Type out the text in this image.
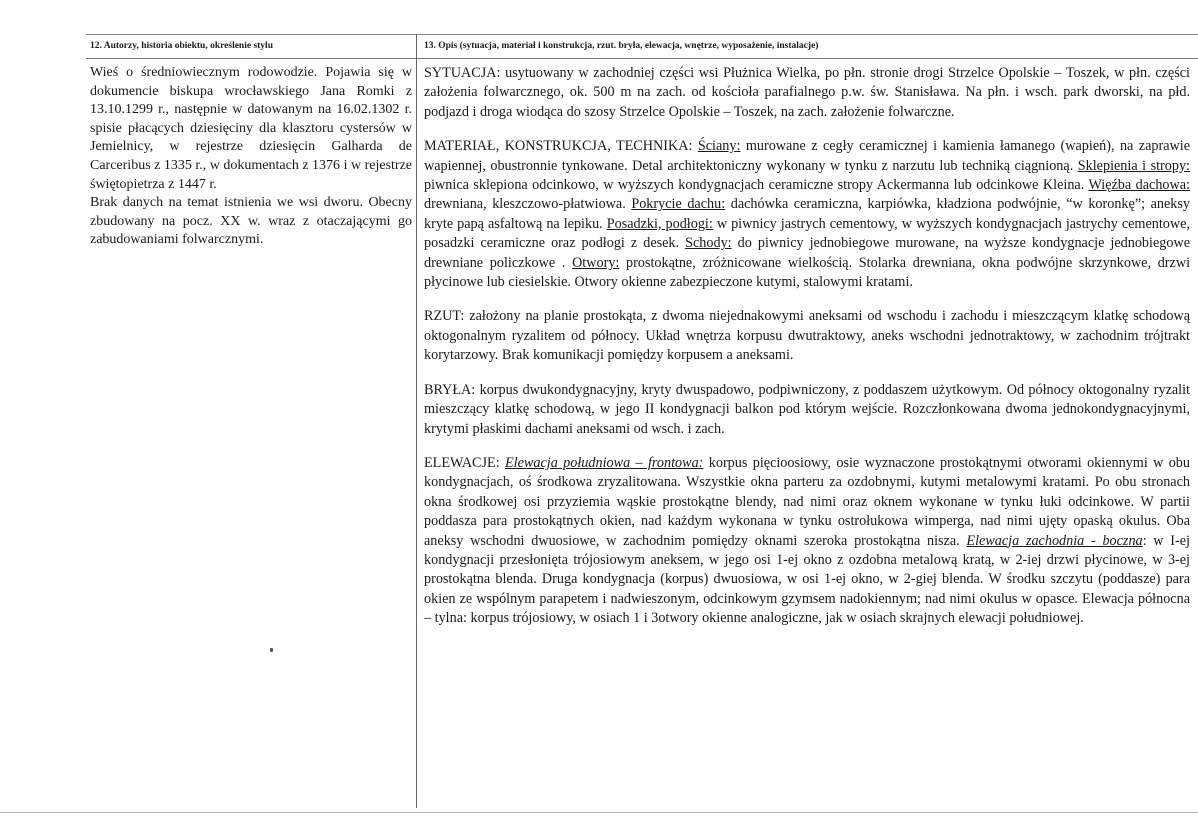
12. Autorzy, historia obiektu, określenie stylu	13. Opis (sytuacja, materiał i konstrukcja, rzut. bryła, elewacja, wnętrze, wyposażenie, instalacje)

Wieś o średniowiecznym rodowodzie. Pojawia się w dokumencie biskupa wrocławskiego Jana Romki z 13.10.1299 r., następnie w datowanym na 16.02.1302 r. spisie płacących dziesięciny dla klasztoru cystersów w Jemielnicy, w rejestrze dziesięcin Galharda de Carceribus z 1335 r., w dokumentach z 1376 i w rejestrze świętopietrza z 1447 r.

Brak danych na temat istnienia we wsi dworu. Obecny zbudowany na pocz. XX w. wraz z otaczającymi go zabudowaniami folwarcznymi.

SYTUACJA: usytuowany w zachodniej części wsi Płużnica Wielka, po płn. stronie drogi Strzelce Opolskie – Toszek, w płn. części założenia folwarcznego, ok. 500 m na zach. od kościoła parafialnego p.w. św. Stanisława. Na płn. i wsch. park dworski, na płd. podjazd i droga wiodąca do szosy Strzelce Opolskie – Toszek, na zach. założenie folwarczne.

MATERIAŁ, KONSTRUKCJA, TECHNIKA: Ściany: murowane z cegły ceramicznej i kamienia łamanego (wapień), na zaprawie wapiennej, obustronnie tynkowane. Detal architektoniczny wykonany w tynku z narzutu lub techniką ciągnioną. Sklepienia i stropy: piwnica sklepiona odcinkowo, w wyższych kondygnacjach ceramiczne stropy Ackermanna lub odcinkowe Kleina. Więźba dachowa: drewniana, kleszczowo-płatwiowa. Pokrycie dachu: dachówka ceramiczna, karpiówka, kładziona podwójnie, “w koronkę”; aneksy kryte papą asfaltową na lepiku. Posadzki, podłogi: w piwnicy jastrych cementowy, w wyższych kondygnacjach jastrychy cementowe, posadzki ceramiczne oraz podłogi z desek. Schody: do piwnicy jednobiegowe murowane, na wyższe kondygnacje jednobiegowe drewniane policzkowe . Otwory: prostokątne, zróżnicowane wielkością. Stolarka drewniana, okna podwójne skrzynkowe, drzwi płycinowe lub ciesielskie. Otwory okienne zabezpieczone kutymi, stalowymi kratami.

RZUT: założony na planie prostokąta, z dwoma niejednakowymi aneksami od wschodu i zachodu i mieszczącym klatkę schodową oktogonalnym ryzalitem od północy. Układ wnętrza korpusu dwutraktowy, aneks wschodni jednotraktowy, w zachodnim trójtrakt korytarzowy. Brak komunikacji pomiędzy korpusem a aneksami.

BRYŁA: korpus dwukondygnacyjny, kryty dwuspadowo, podpiwniczony, z poddaszem użytkowym. Od północy oktogonalny ryzalit mieszczący klatkę schodową, w jego II kondygnacji balkon pod którym wejście. Rozczłonkowana dwoma jednokondygnacyjnymi, krytymi płaskimi dachami aneksami od wsch. i zach.

ELEWACJE: Elewacja południowa – frontowa: korpus pięcioosiowy, osie wyznaczone prostokątnymi otworami okiennymi w obu kondygnacjach, oś środkowa zryzalitowana. Wszystkie okna parteru za ozdobnymi, kutymi metalowymi kratami. Po obu stronach okna środkowej osi przyziemia wąskie prostokątne blendy, nad nimi oraz oknem wykonane w tynku łuki odcinkowe. W partii poddasza para prostokątnych okien, nad każdym wykonana w tynku ostrołukowa wimperga, nad nimi ujęty opaską okulus. Oba aneksy wschodni dwuosiowe, w zachodnim pomiędzy oknami szeroka prostokątna nisza. Elewacja zachodnia - boczna: w I-ej kondygnacji przesłonięta trójosiowym aneksem, w jego osi 1-ej okno z ozdobna metalową kratą, w 2-iej drzwi płycinowe, w 3-ej prostokątna blenda. Druga kondygnacja (korpus) dwuosiowa, w osi 1-ej okno, w 2-giej blenda. W środku szczytu (poddasze) para okien ze wspólnym parapetem i nadwieszonym, odcinkowym gzymsem nadokiennym; nad nimi okulus w opascе. Elewacja północna – tylna: korpus trójosiowy, w osiach 1 i 3otwory okienne analogiczne, jak w osiach skrajnych elewacji południowej.
